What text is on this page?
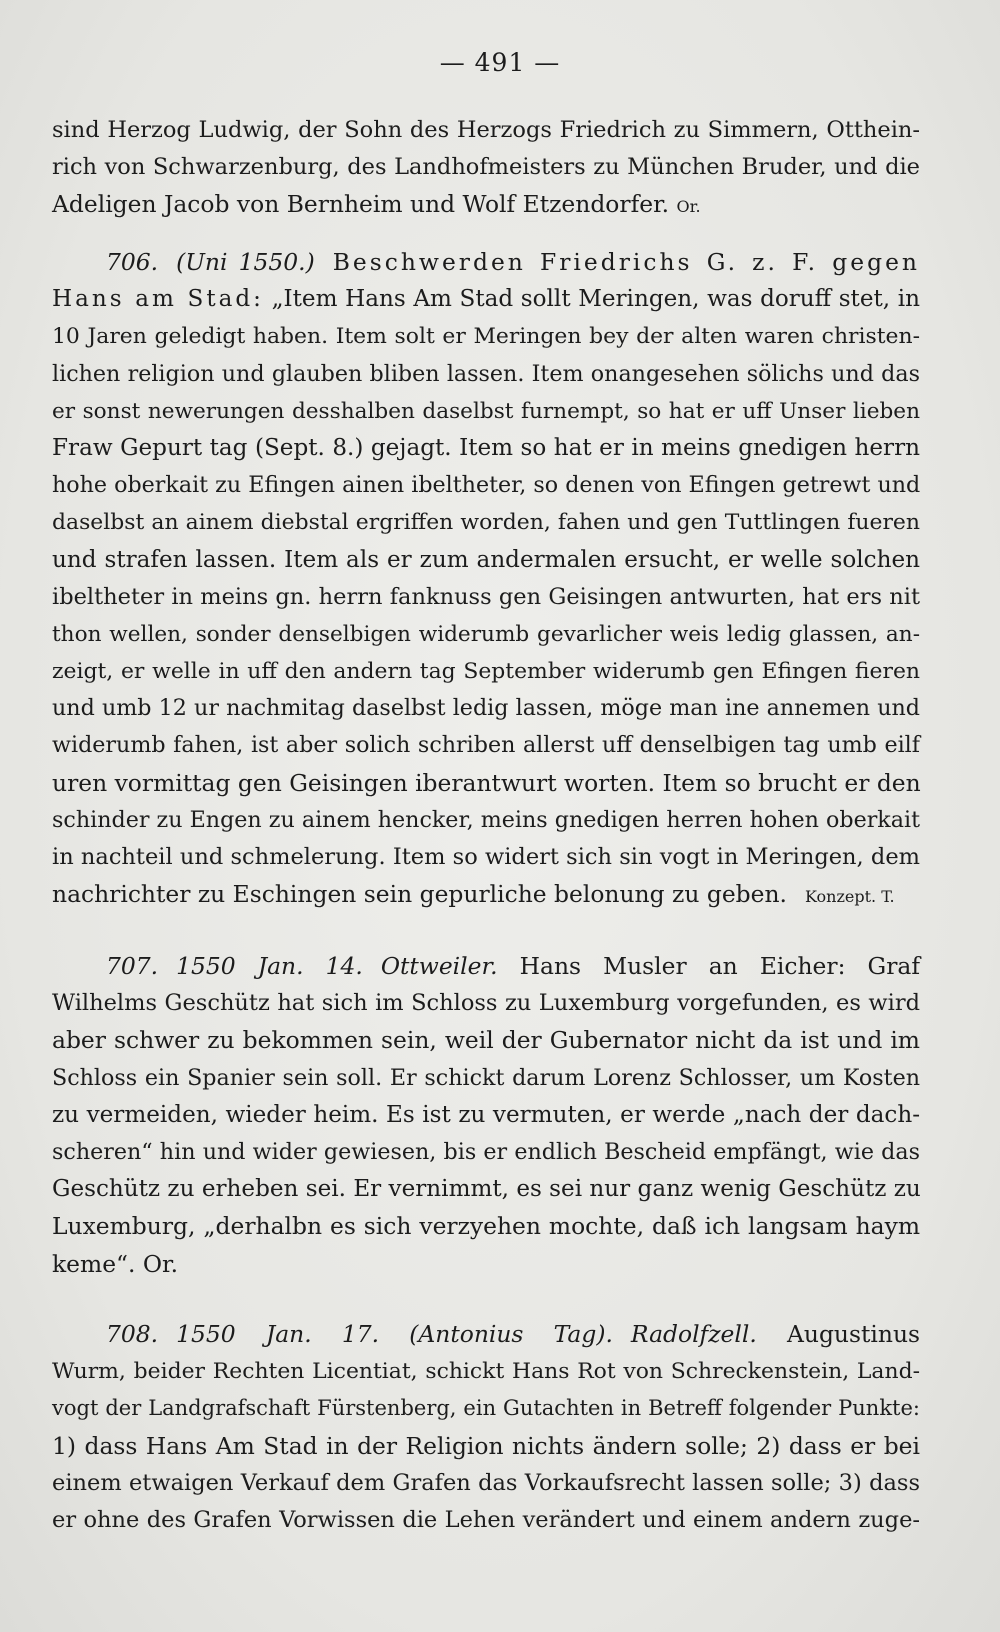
— 491 —
sind Herzog Ludwig, der Sohn des Herzogs Friedrich zu Simmern, Otthein-
rich von Schwarzenburg, des Landhofmeisters zu München Bruder, und die
Adeligen Jacob von Bernheim und Wolf Etzendorfer. Or.
706. (Uni 1550.) Beschwerden Friedrichs G. z. F. gegen
Hans am Stad: „Item Hans Am Stad sollt Meringen, was doruff stet, in
10 Jaren geledigt haben. Item solt er Meringen bey der alten waren christen-
lichen religion und glauben bliben lassen. Item onangesehen sölichs und das
er sonst newerungen desshalben daselbst furnempt, so hat er uff Unser lieben
Fraw Gepurt tag (Sept. 8.) gejagt. Item so hat er in meins gnedigen herrn
hohe oberkait zu Efingen ainen ibeltheter, so denen von Efingen getrewt und
daselbst an ainem diebstal ergriffen worden, fahen und gen Tuttlingen fueren
und strafen lassen. Item als er zum andermalen ersucht, er welle solchen
ibeltheter in meins gn. herrn fanknuss gen Geisingen antwurten, hat ers nit
thon wellen, sonder denselbigen widerumb gevarlicher weis ledig glassen, an-
zeigt, er welle in uff den andern tag September widerumb gen Efingen fieren
und umb 12 ur nachmitag daselbst ledig lassen, möge man ine annemen und
widerumb fahen, ist aber solich schriben allerst uff denselbigen tag umb eilf
uren vormittag gen Geisingen iberantwurt worten. Item so brucht er den
schinder zu Engen zu ainem hencker, meins gnedigen herren hohen oberkait
in nachteil und schmelerung. Item so widert sich sin vogt in Meringen, dem
nachrichter zu Eschingen sein gepurliche belonung zu geben. Konzept. T.
707. 1550 Jan. 14. Ottweiler. Hans Musler an Eicher: Graf
Wilhelms Geschütz hat sich im Schloss zu Luxemburg vorgefunden, es wird
aber schwer zu bekommen sein, weil der Gubernator nicht da ist und im
Schloss ein Spanier sein soll. Er schickt darum Lorenz Schlosser, um Kosten
zu vermeiden, wieder heim. Es ist zu vermuten, er werde „nach der dach-
scheren“ hin und wider gewiesen, bis er endlich Bescheid empfängt, wie das
Geschütz zu erheben sei. Er vernimmt, es sei nur ganz wenig Geschütz zu
Luxemburg, „derhalbn es sich verzyehen mochte, daß ich langsam haym
keme“. Or.
708. 1550 Jan. 17. (Antonius Tag). Radolfzell. Augustinus
Wurm, beider Rechten Licentiat, schickt Hans Rot von Schreckenstein, Land-
vogt der Landgrafschaft Fürstenberg, ein Gutachten in Betreff folgender Punkte:
1) dass Hans Am Stad in der Religion nichts ändern solle; 2) dass er bei
einem etwaigen Verkauf dem Grafen das Vorkaufsrecht lassen solle; 3) dass
er ohne des Grafen Vorwissen die Lehen verändert und einem andern zuge-
